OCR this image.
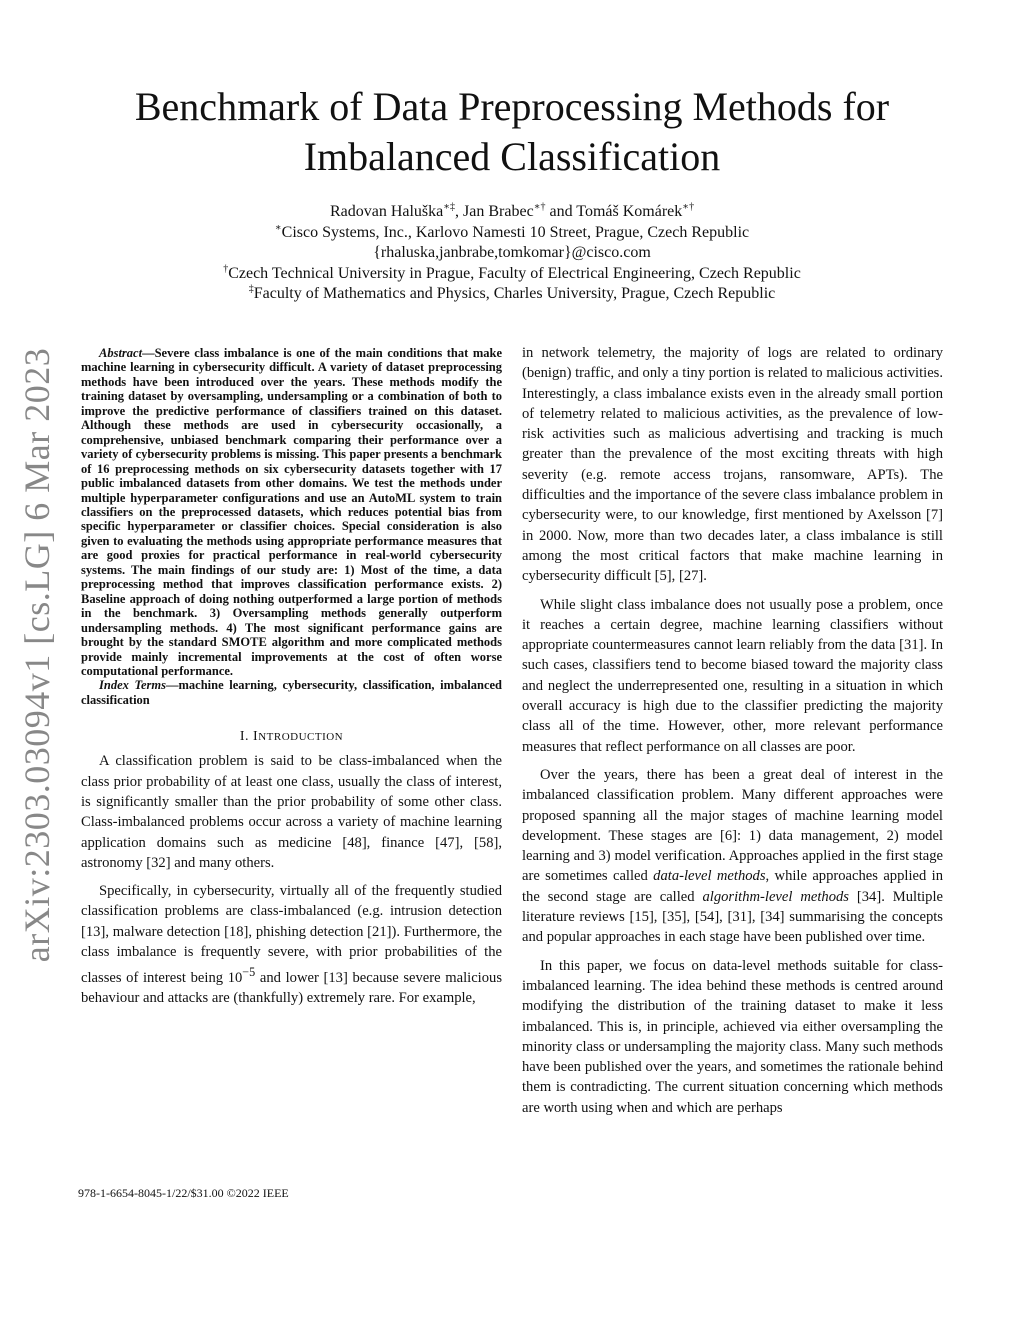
arXiv:2303.03094v1 [cs.LG] 6 Mar 2023
Benchmark of Data Preprocessing Methods for
Imbalanced Classification
Radovan Haluška∗‡, Jan Brabec∗† and Tomáš Komárek∗†
∗Cisco Systems, Inc., Karlovo Namesti 10 Street, Prague, Czech Republic
{rhaluska,janbrabe,tomkomar}@cisco.com
†Czech Technical University in Prague, Faculty of Electrical Engineering, Czech Republic
‡Faculty of Mathematics and Physics, Charles University, Prague, Czech Republic

Abstract—Severe class imbalance is one of the main conditions that make machine learning in cybersecurity difficult. A variety of dataset preprocessing methods have been introduced over the years. These methods modify the training dataset by oversampling, undersampling or a combination of both to improve the predictive performance of classifiers trained on this dataset. Although these methods are used in cybersecurity occasionally, a comprehensive, unbiased benchmark comparing their performance over a variety of cybersecurity problems is missing. This paper presents a benchmark of 16 preprocessing methods on six cybersecurity datasets together with 17 public imbalanced datasets from other domains. We test the methods under multiple hyperparameter configurations and use an AutoML system to train classifiers on the preprocessed datasets, which reduces potential bias from specific hyperparameter or classifier choices. Special consideration is also given to evaluating the methods using appropriate performance measures that are good proxies for practical performance in real-world cybersecurity systems. The main findings of our study are: 1) Most of the time, a data preprocessing method that improves classification performance exists. 2) Baseline approach of doing nothing outperformed a large portion of methods in the benchmark. 3) Oversampling methods generally outperform undersampling methods. 4) The most significant performance gains are brought by the standard SMOTE algorithm and more complicated methods provide mainly incremental improvements at the cost of often worse computational performance.

Index Terms—machine learning, cybersecurity, classification, imbalanced classification

I. INTRODUCTION

A classification problem is said to be class-imbalanced when the class prior probability of at least one class, usually the class of interest, is significantly smaller than the prior probability of some other class. Class-imbalanced problems occur across a variety of machine learning application domains such as medicine [48], finance [47], [58], astronomy [32] and many others.

Specifically, in cybersecurity, virtually all of the frequently studied classification problems are class-imbalanced (e.g. intrusion detection [13], malware detection [18], phishing detection [21]). Furthermore, the class imbalance is frequently severe, with prior probabilities of the classes of interest being $10^{-5}$ and lower [13] because severe malicious behaviour and attacks are (thankfully) extremely rare. For example,

in network telemetry, the majority of logs are related to ordinary (benign) traffic, and only a tiny portion is related to malicious activities. Interestingly, a class imbalance exists even in the already small portion of telemetry related to malicious activities, as the prevalence of low-risk activities such as malicious advertising and tracking is much greater than the prevalence of the most exciting threats with high severity (e.g. remote access trojans, ransomware, APTs). The difficulties and the importance of the severe class imbalance problem in cybersecurity were, to our knowledge, first mentioned by Axelsson [7] in 2000. Now, more than two decades later, a class imbalance is still among the most critical factors that make machine learning in cybersecurity difficult [5], [27].

While slight class imbalance does not usually pose a problem, once it reaches a certain degree, machine learning classifiers without appropriate countermeasures cannot learn reliably from the data [31]. In such cases, classifiers tend to become biased toward the majority class and neglect the underrepresented one, resulting in a situation in which overall accuracy is high due to the classifier predicting the majority class all of the time. However, other, more relevant performance measures that reflect performance on all classes are poor.

Over the years, there has been a great deal of interest in the imbalanced classification problem. Many different approaches were proposed spanning all the major stages of machine learning model development. These stages are [6]: 1) data management, 2) model learning and 3) model verification. Approaches applied in the first stage are sometimes called data-level methods, while approaches applied in the second stage are called algorithm-level methods [34]. Multiple literature reviews [15], [35], [54], [31], [34] summarising the concepts and popular approaches in each stage have been published over time.

In this paper, we focus on data-level methods suitable for class-imbalanced learning. The idea behind these methods is centred around modifying the distribution of the training dataset to make it less imbalanced. This is, in principle, achieved via either oversampling the minority class or undersampling the majority class. Many such methods have been published over the years, and sometimes the rationale behind them is contradicting. The current situation concerning which methods are worth using when and which are perhaps

978-1-6654-8045-1/22/$31.00 ©2022 IEEE
